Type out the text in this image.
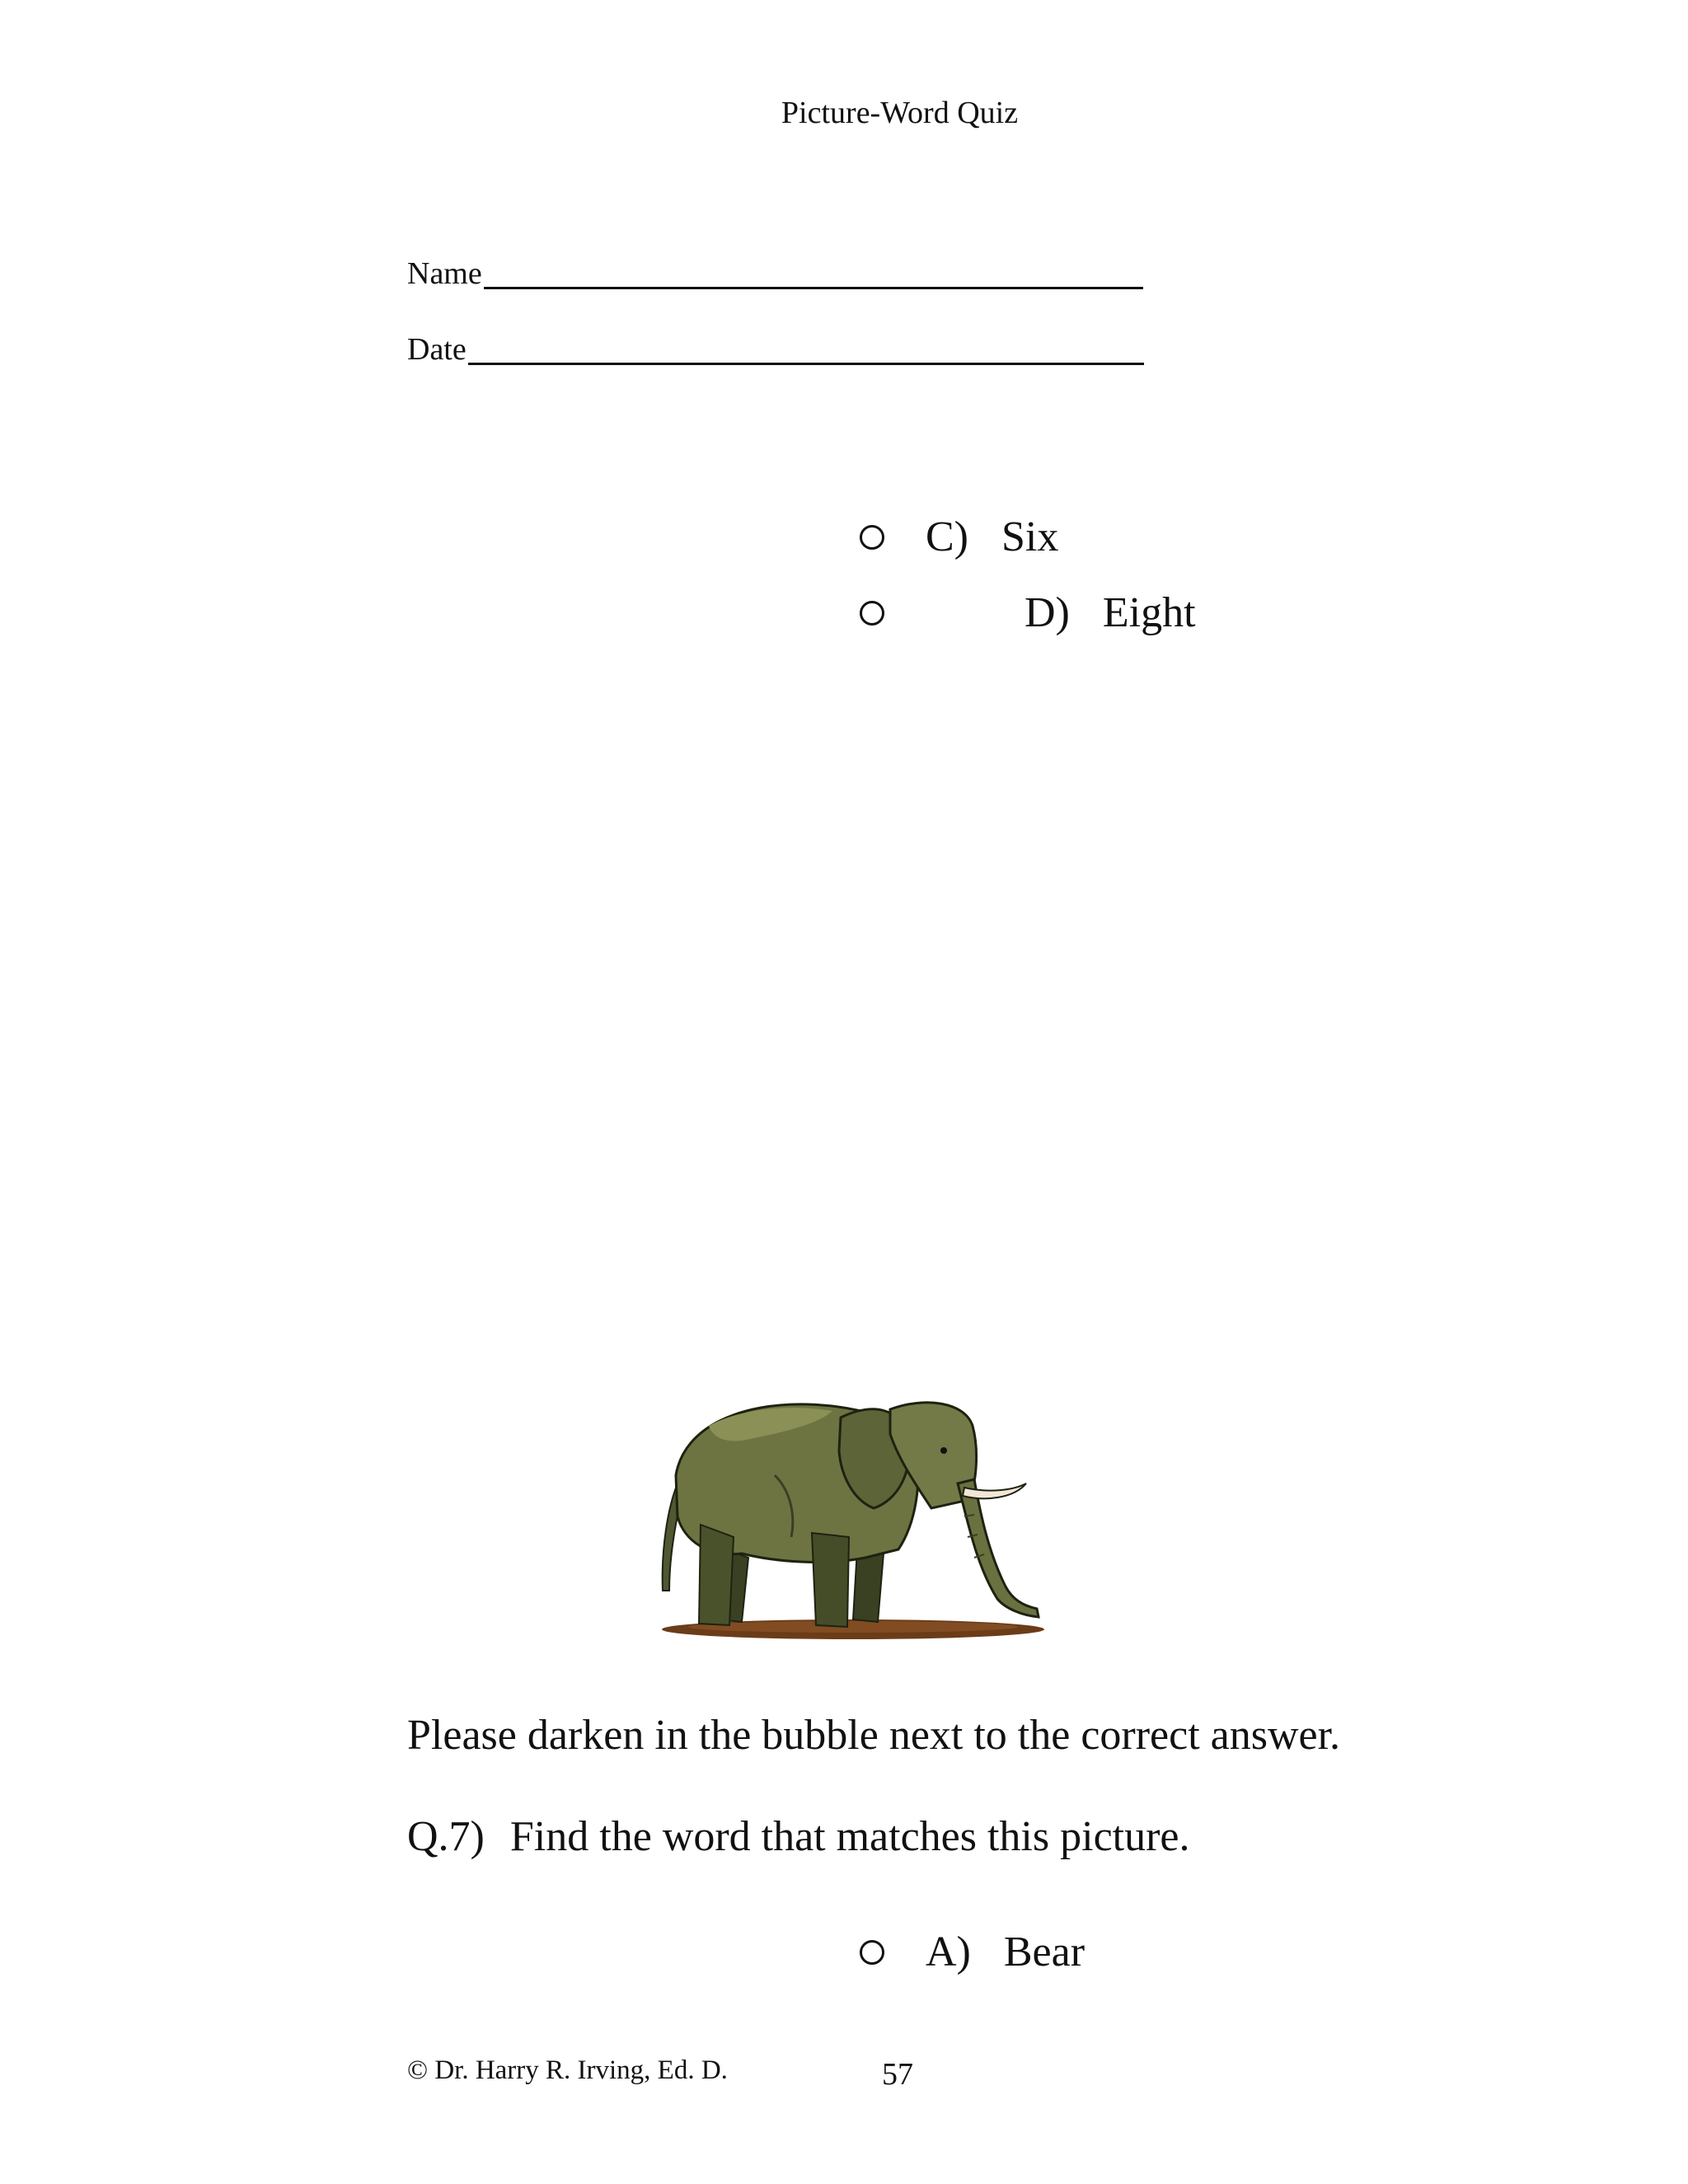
Picture-Word Quiz
Name
Date
C) Six
D) Eight
Please darken in the bubble next to the correct answer.
Q.7) Find the word that matches this picture.
A) Bear
© Dr. Harry R. Irving, Ed. D.	57
